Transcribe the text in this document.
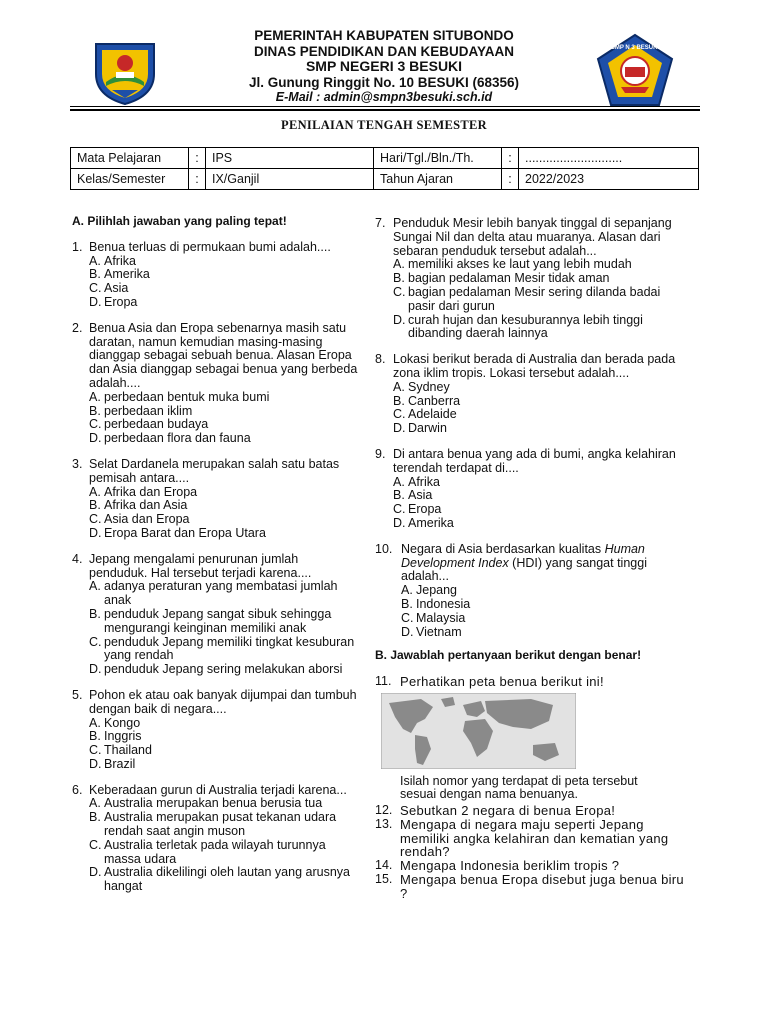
SMP N 3 BESUKI
PEMERINTAH KABUPATEN SITUBONDO
DINAS PENDIDIKAN DAN KEBUDAYAAN
SMP NEGERI 3 BESUKI
Jl. Gunung Ringgit No. 10 BESUKI (68356)
E-Mail : admin@smpn3besuki.sch.id
PENILAIAN TENGAH SEMESTER
Mata Pelajaran	:	IPS	Hari/Tgl./Bln./Th.	:	............................
Kelas/Semester	:	IX/Ganjil	Tahun Ajaran	:	2022/2023
A. Pilihlah jawaban yang paling tepat!
1. Benua terluas di permukaan bumi adalah....
A. Afrika
B. Amerika
C. Asia
D. Eropa
2. Benua Asia dan Eropa sebenarnya masih satu daratan, namun kemudian masing-masing dianggap sebagai sebuah benua. Alasan Eropa dan Asia dianggap sebagai benua yang berbeda adalah....
A. perbedaan bentuk muka bumi
B. perbedaan iklim
C. perbedaan budaya
D. perbedaan flora dan fauna
3. Selat Dardanela merupakan salah satu batas pemisah antara....
A. Afrika dan Eropa
B. Afrika dan Asia
C. Asia dan Eropa
D. Eropa Barat dan Eropa Utara
4. Jepang mengalami penurunan jumlah penduduk. Hal tersebut terjadi karena....
A. adanya peraturan yang membatasi jumlah anak
B. penduduk Jepang sangat sibuk sehingga mengurangi keinginan memiliki anak
C. penduduk Jepang memiliki tingkat kesuburan yang rendah
D. penduduk Jepang sering melakukan aborsi
5. Pohon ek atau oak banyak dijumpai dan tumbuh dengan baik di negara....
A. Kongo
B. Inggris
C. Thailand
D. Brazil
6. Keberadaan gurun di Australia terjadi karena...
A. Australia merupakan benua berusia tua
B. Australia merupakan pusat tekanan udara rendah saat angin muson
C. Australia terletak pada wilayah turunnya massa udara
D. Australia dikelilingi oleh lautan yang arusnya hangat
7. Penduduk Mesir lebih banyak tinggal di sepanjang Sungai Nil dan delta atau muaranya. Alasan dari sebaran penduduk tersebut adalah...
A. memiliki akses ke laut yang lebih mudah
B. bagian pedalaman Mesir tidak aman
C. bagian pedalaman Mesir sering dilanda badai pasir dari gurun
D. curah hujan dan kesuburannya lebih tinggi dibanding daerah lainnya
8. Lokasi berikut berada di Australia dan berada pada zona iklim tropis. Lokasi tersebut adalah....
A. Sydney
B. Canberra
C. Adelaide
D. Darwin
9. Di antara benua yang ada di bumi, angka kelahiran terendah terdapat di....
A. Afrika
B. Asia
C. Eropa
D. Amerika
10. Negara di Asia berdasarkan kualitas Human Development Index (HDI) yang sangat tinggi adalah...
A. Jepang
B. Indonesia
C. Malaysia
D. Vietnam
B. Jawablah pertanyaan berikut dengan benar!
11. Perhatikan peta benua berikut ini!
Isilah nomor yang terdapat di peta tersebut sesuai dengan nama benuanya.
12. Sebutkan 2 negara di benua Eropa!
13. Mengapa di negara maju seperti Jepang memiliki angka kelahiran dan kematian yang rendah?
14. Mengapa Indonesia beriklim tropis ?
15. Mengapa benua Eropa disebut juga benua biru ?
